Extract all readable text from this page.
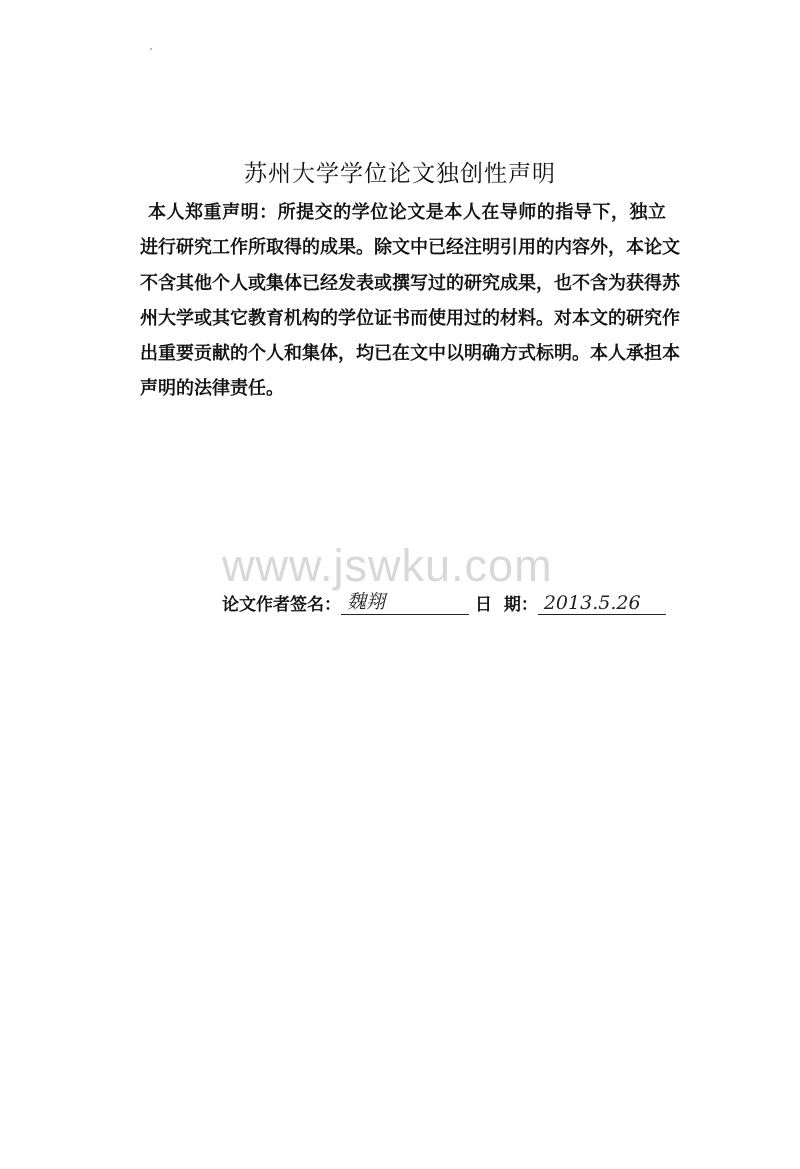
苏州大学学位论文独创性声明
本人郑重声明：所提交的学位论文是本人在导师的指导下，独立
进行研究工作所取得的成果。除文中已经注明引用的内容外，本论文
不含其他个人或集体已经发表或撰写过的研究成果，也不含为获得苏
州大学或其它教育机构的学位证书而使用过的材料。对本文的研究作
出重要贡献的个人和集体，均已在文中以明确方式标明。本人承担本
声明的法律责任。
www.jswku.com
论文作者签名： 魏翔	日  期： 2013.5.26
